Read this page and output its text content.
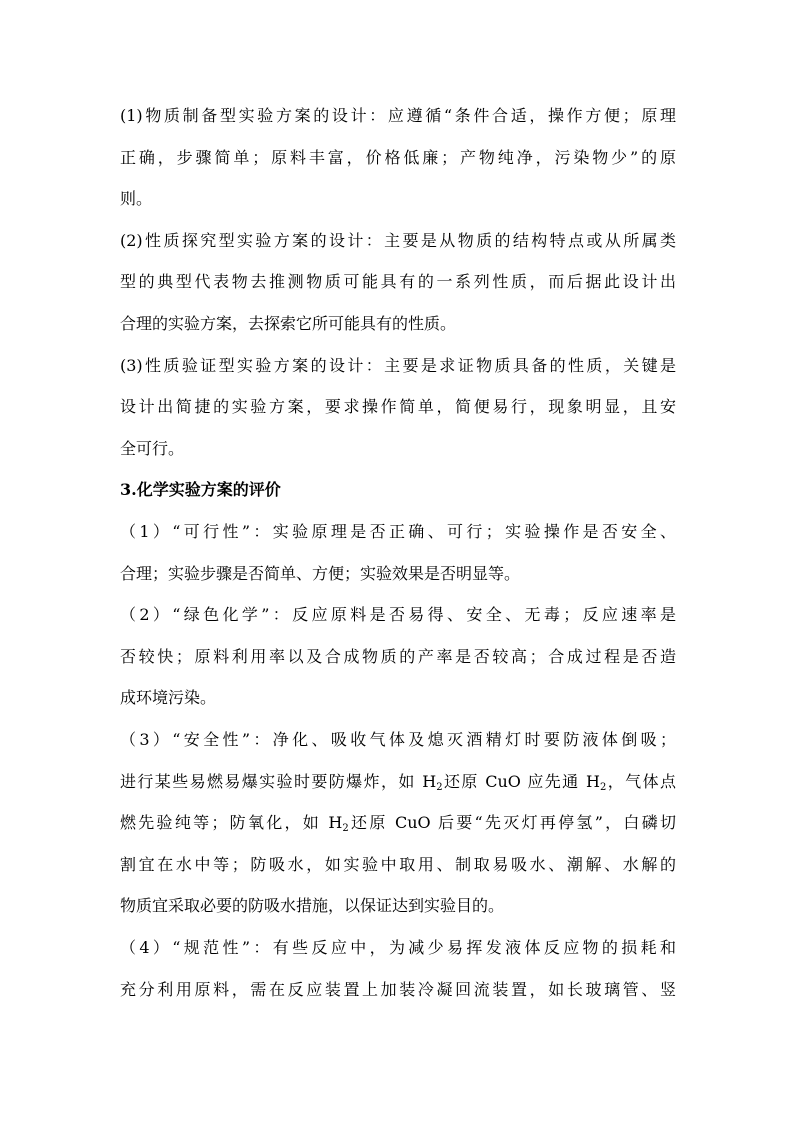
(1)物质制备型实验方案的设计：应遵循“条件合适，操作方便；原理

正确，步骤简单；原料丰富，价格低廉；产物纯净，污染物少”的原

则。

(2)性质探究型实验方案的设计：主要是从物质的结构特点或从所属类

型的典型代表物去推测物质可能具有的一系列性质，而后据此设计出

合理的实验方案，去探索它所可能具有的性质。

(3)性质验证型实验方案的设计：主要是求证物质具备的性质，关键是

设计出简捷的实验方案，要求操作简单，简便易行，现象明显，且安

全可行。

3.化学实验方案的评价

（1）“可行性”：实验原理是否正确、可行；实验操作是否安全、

合理；实验步骤是否简单、方便；实验效果是否明显等。

（2）“绿色化学”：反应原料是否易得、安全、无毒；反应速率是

否较快；原料利用率以及合成物质的产率是否较高；合成过程是否造

成环境污染。

（3）“安全性”：净化、吸收气体及熄灭酒精灯时要防液体倒吸；

进行某些易燃易爆实验时要防爆炸，如 $H_2$还原 CuO 应先通 $H_2$，气体点

燃先验纯等；防氧化，如 $H_2$还原 CuO 后要“先灭灯再停氢”，白磷切

割宜在水中等；防吸水，如实验中取用、制取易吸水、潮解、水解的

物质宜采取必要的防吸水措施，以保证达到实验目的。

（4）“规范性”：有些反应中，为减少易挥发液体反应物的损耗和

充分利用原料，需在反应装置上加装冷凝回流装置，如长玻璃管、竖
